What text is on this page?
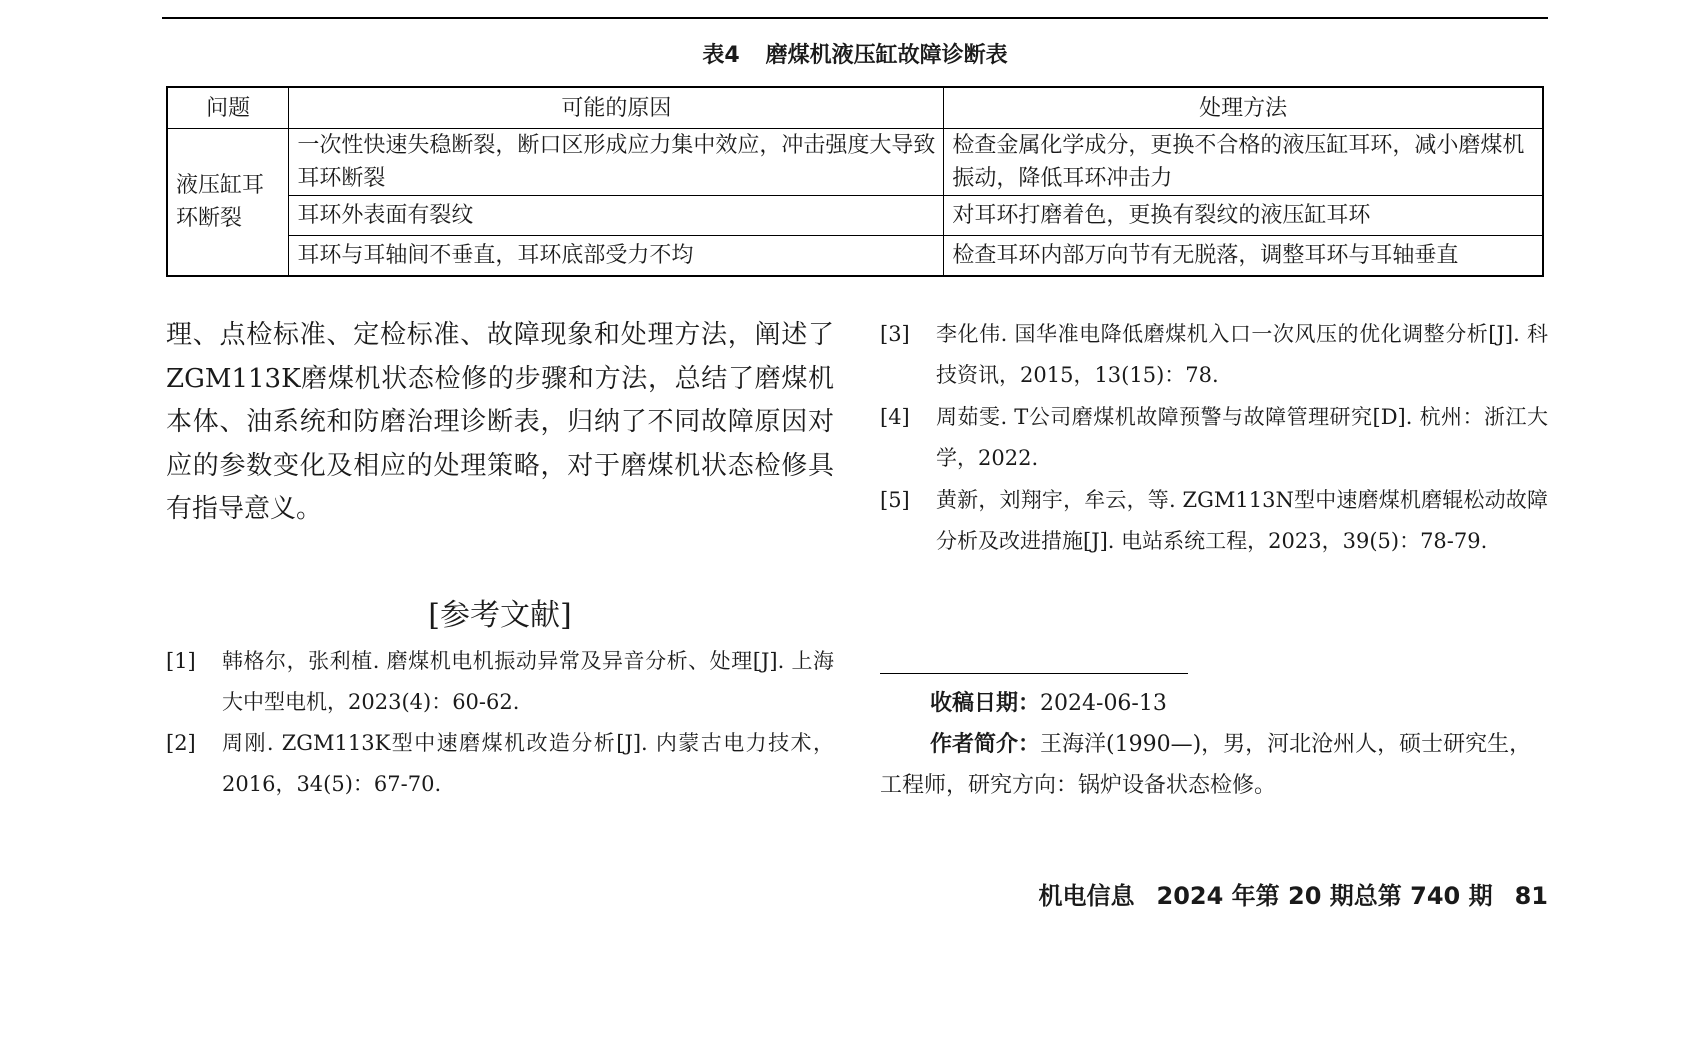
表4 磨煤机液压缸故障诊断表
问题	可能的原因	处理方法
液压缸耳环断裂	一次性快速失稳断裂，断口区形成应力集中效应，冲击强度大导致耳环断裂	检查金属化学成分，更换不合格的液压缸耳环，减小磨煤机振动，降低耳环冲击力
	耳环外表面有裂纹	对耳环打磨着色，更换有裂纹的液压缸耳环
	耳环与耳轴间不垂直，耳环底部受力不均	检查耳环内部万向节有无脱落，调整耳环与耳轴垂直
理、点检标准、定检标准、故障现象和处理方法，阐述了ZGM113K磨煤机状态检修的步骤和方法，总结了磨煤机本体、油系统和防磨治理诊断表，归纳了不同故障原因对应的参数变化及相应的处理策略，对于磨煤机状态检修具有指导意义。
[参考文献]
[1]	韩格尔，张利植. 磨煤机电机振动异常及异音分析、处理[J]. 上海大中型电机，2023(4)：60-62.
[2]	周刚. ZGM113K型中速磨煤机改造分析[J]. 内蒙古电力技术，2016，34(5)：67-70.
[3]	李化伟. 国华准电降低磨煤机入口一次风压的优化调整分析[J]. 科技资讯，2015，13(15)：78.
[4]	周茹雯. T公司磨煤机故障预警与故障管理研究[D]. 杭州：浙江大学，2022.
[5]	黄新，刘翔宇，牟云，等. ZGM113N型中速磨煤机磨辊松动故障分析及改进措施[J]. 电站系统工程，2023，39(5)：78-79.
收稿日期：2024-06-13
作者简介：王海洋(1990—)，男，河北沧州人，硕士研究生，工程师，研究方向：锅炉设备状态检修。
机电信息 2024 年第 20 期总第 740 期 81
